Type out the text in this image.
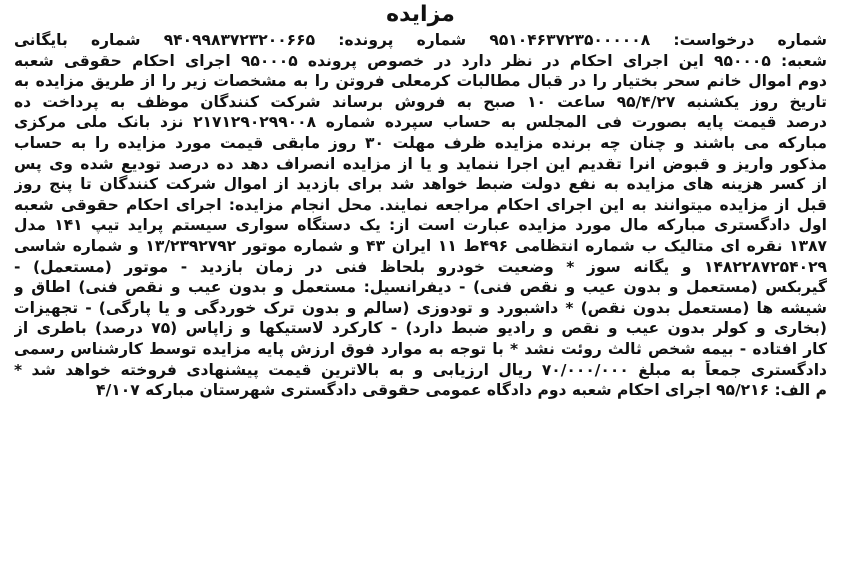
مزایده
شماره درخواست: ۹۵۱۰۴۶۳۷۲۳۵۰۰۰۰۰۸ شماره پرونده: ۹۴۰۹۹۸۳۷۲۳۲۰۰۶۶۵ شماره بایگانی
شعبه: ۹۵۰۰۰۵ این اجرای احکام در نظر دارد در خصوص پرونده ۹۵۰۰۰۵ اجرای احکام حقوقی شعبه
دوم اموال خانم سحر بختیار را در قبال مطالبات کرمعلی فروتن را به مشخصات زیر را از طریق مزایده به
تاریخ روز یکشنبه ۹۵/۴/۲۷ ساعت ۱۰ صبح به فروش برساند شرکت کنندگان موظف به پرداخت ده
درصد قیمت پایه بصورت فی المجلس به حساب سپرده شماره ۲۱۷۱۲۹۰۲۹۹۰۰۸ نزد بانک ملی مرکزی
مبارکه می باشند و چنان چه برنده مزایده ظرف مهلت ۳۰ روز مابقی قیمت مورد مزایده را به حساب
مذکور واریز و قبوض انرا تقدیم این اجرا ننماید و یا از مزایده انصراف دهد ده درصد تودیع شده وی پس
از کسر هزینه های مزایده به نفع دولت ضبط خواهد شد برای بازدید از اموال شرکت کنندگان تا پنج روز
قبل از مزایده میتوانند به این اجرای احکام مراجعه نمایند. محل انجام مزایده: اجرای احکام حقوقی شعبه
اول دادگستری مبارکه مال مورد مزایده عبارت است از: یک دستگاه سواری سیستم پراید تیپ ۱۴۱ مدل
۱۳۸۷ نقره ای متالیک ب شماره انتظامی ۴۹۶ط ۱۱ ایران ۴۳ و شماره موتور ۱۳/۲۳۹۲۷۹۲ و شماره شاسی
۱۴۸۲۲۸۷۲۵۴۰۲۹ و یگانه سوز * وضعیت خودرو بلحاظ فنی در زمان بازدید - موتور (مستعمل) -
گیربکس (مستعمل و بدون عیب و نقص فنی) - دیفرانسیل: مستعمل و بدون عیب و نقص فنی) اطاق و
شیشه ها (مستعمل بدون نقص) * داشبورد و تودوزی (سالم و بدون ترک خوردگی و یا پارگی) - تجهیزات
(بخاری و کولر بدون عیب و نقص و رادیو ضبط دارد) - کارکرد لاستیکها و زاپاس (۷۵ درصد) باطری از
کار افتاده - بیمه شخص ثالث روئت نشد * با توجه به موارد فوق ارزش پایه مزایده توسط کارشناس رسمی
دادگستری جمعاً به مبلغ ۷۰/۰۰۰/۰۰۰ ریال ارزیابی و به بالاترین قیمت پیشنهادی فروخته خواهد شد *
م الف: ۹۵/۲۱۶ اجرای احکام شعبه دوم دادگاه عمومی حقوقی دادگستری شهرستان مبارکه ۴/۱۰۷
